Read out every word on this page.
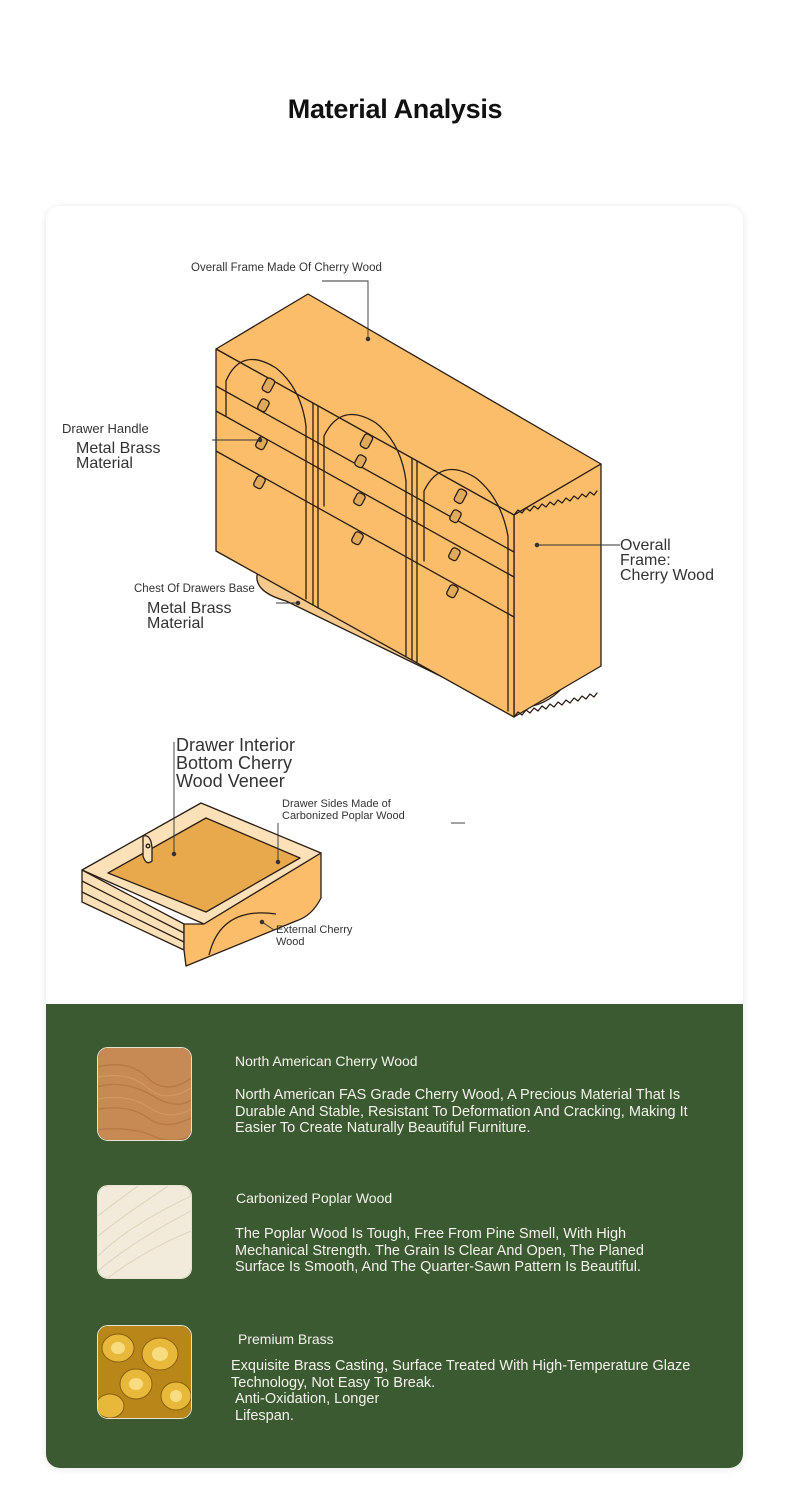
Material Analysis
Overall Frame Made Of Cherry Wood
Drawer Handle
Metal Brass Material
Chest Of Drawers Base
Metal Brass Material
Overall Frame: Cherry Wood
Drawer Interior Bottom Cherry Wood Veneer
Drawer Sides Made of Carbonized Poplar Wood
External Cherry Wood
North American Cherry Wood
North American FAS Grade Cherry Wood, A Precious Material That Is Durable And Stable, Resistant To Deformation And Cracking, Making It Easier To Create Naturally Beautiful Furniture.
Carbonized Poplar Wood
The Poplar Wood Is Tough, Free From Pine Smell, With High Mechanical Strength. The Grain Is Clear And Open, The Planed Surface Is Smooth, And The Quarter-Sawn Pattern Is Beautiful.
Premium Brass
Exquisite Brass Casting, Surface Treated With High-Temperature Glaze Technology, Not Easy To Break.
Anti-Oxidation, Longer Lifespan.
